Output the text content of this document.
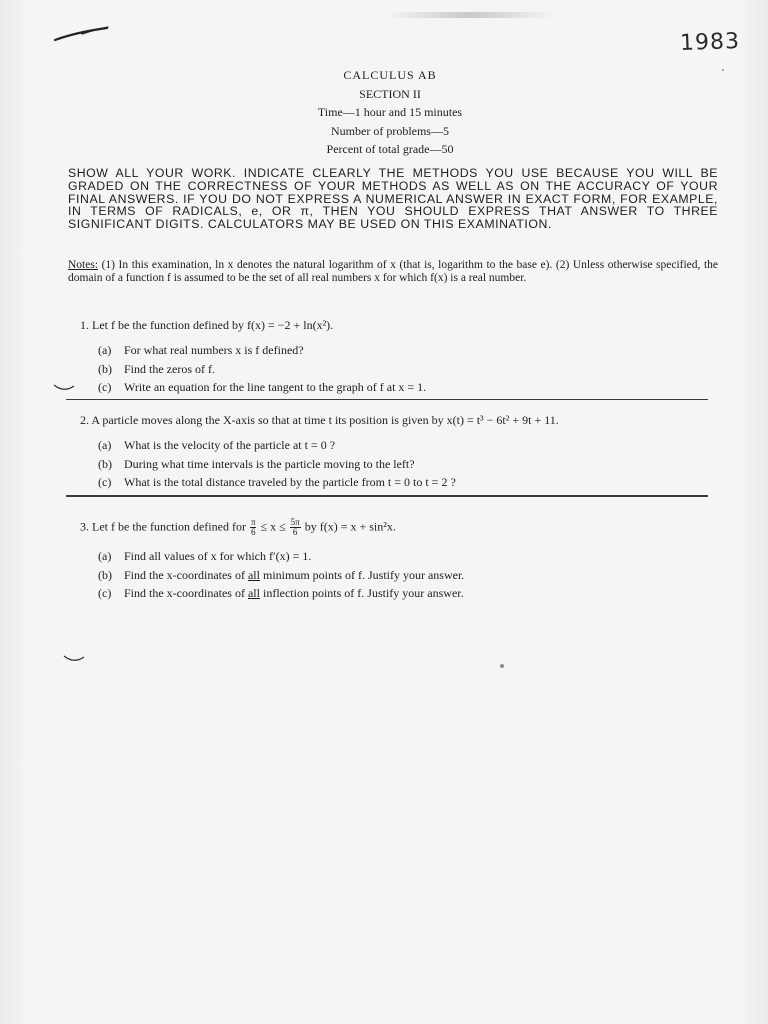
1983
CALCULUS AB
SECTION II
Time—1 hour and 15 minutes
Number of problems—5
Percent of total grade—50
SHOW ALL YOUR WORK. INDICATE CLEARLY THE METHODS YOU USE BECAUSE YOU WILL BE GRADED ON THE CORRECTNESS OF YOUR METHODS AS WELL AS ON THE ACCURACY OF YOUR FINAL ANSWERS. IF YOU DO NOT EXPRESS A NUMERICAL ANSWER IN EXACT FORM, FOR EXAMPLE, IN TERMS OF RADICALS, e, OR π, THEN YOU SHOULD EXPRESS THAT ANSWER TO THREE SIGNIFICANT DIGITS. CALCULATORS MAY BE USED ON THIS EXAMINATION.
Notes: (1) In this examination, ln x denotes the natural logarithm of x (that is, logarithm to the base e). (2) Unless otherwise specified, the domain of a function f is assumed to be the set of all real numbers x for which f(x) is a real number.
1. Let f be the function defined by f(x) = −2 + ln(x²).
(a) For what real numbers x is f defined?
(b) Find the zeros of f.
(c) Write an equation for the line tangent to the graph of f at x = 1.
2. A particle moves along the X-axis so that at time t its position is given by x(t) = t³ − 6t² + 9t + 11.
(a) What is the velocity of the particle at t = 0 ?
(b) During what time intervals is the particle moving to the left?
(c) What is the total distance traveled by the particle from t = 0 to t = 2 ?
3. Let f be the function defined for $\frac{\pi}{6} \le x \le \frac{5\pi}{6}$ by f(x) = x + sin²x.
(a) Find all values of x for which f′(x) = 1.
(b) Find the x-coordinates of all minimum points of f. Justify your answer.
(c) Find the x-coordinates of all inflection points of f. Justify your answer.
